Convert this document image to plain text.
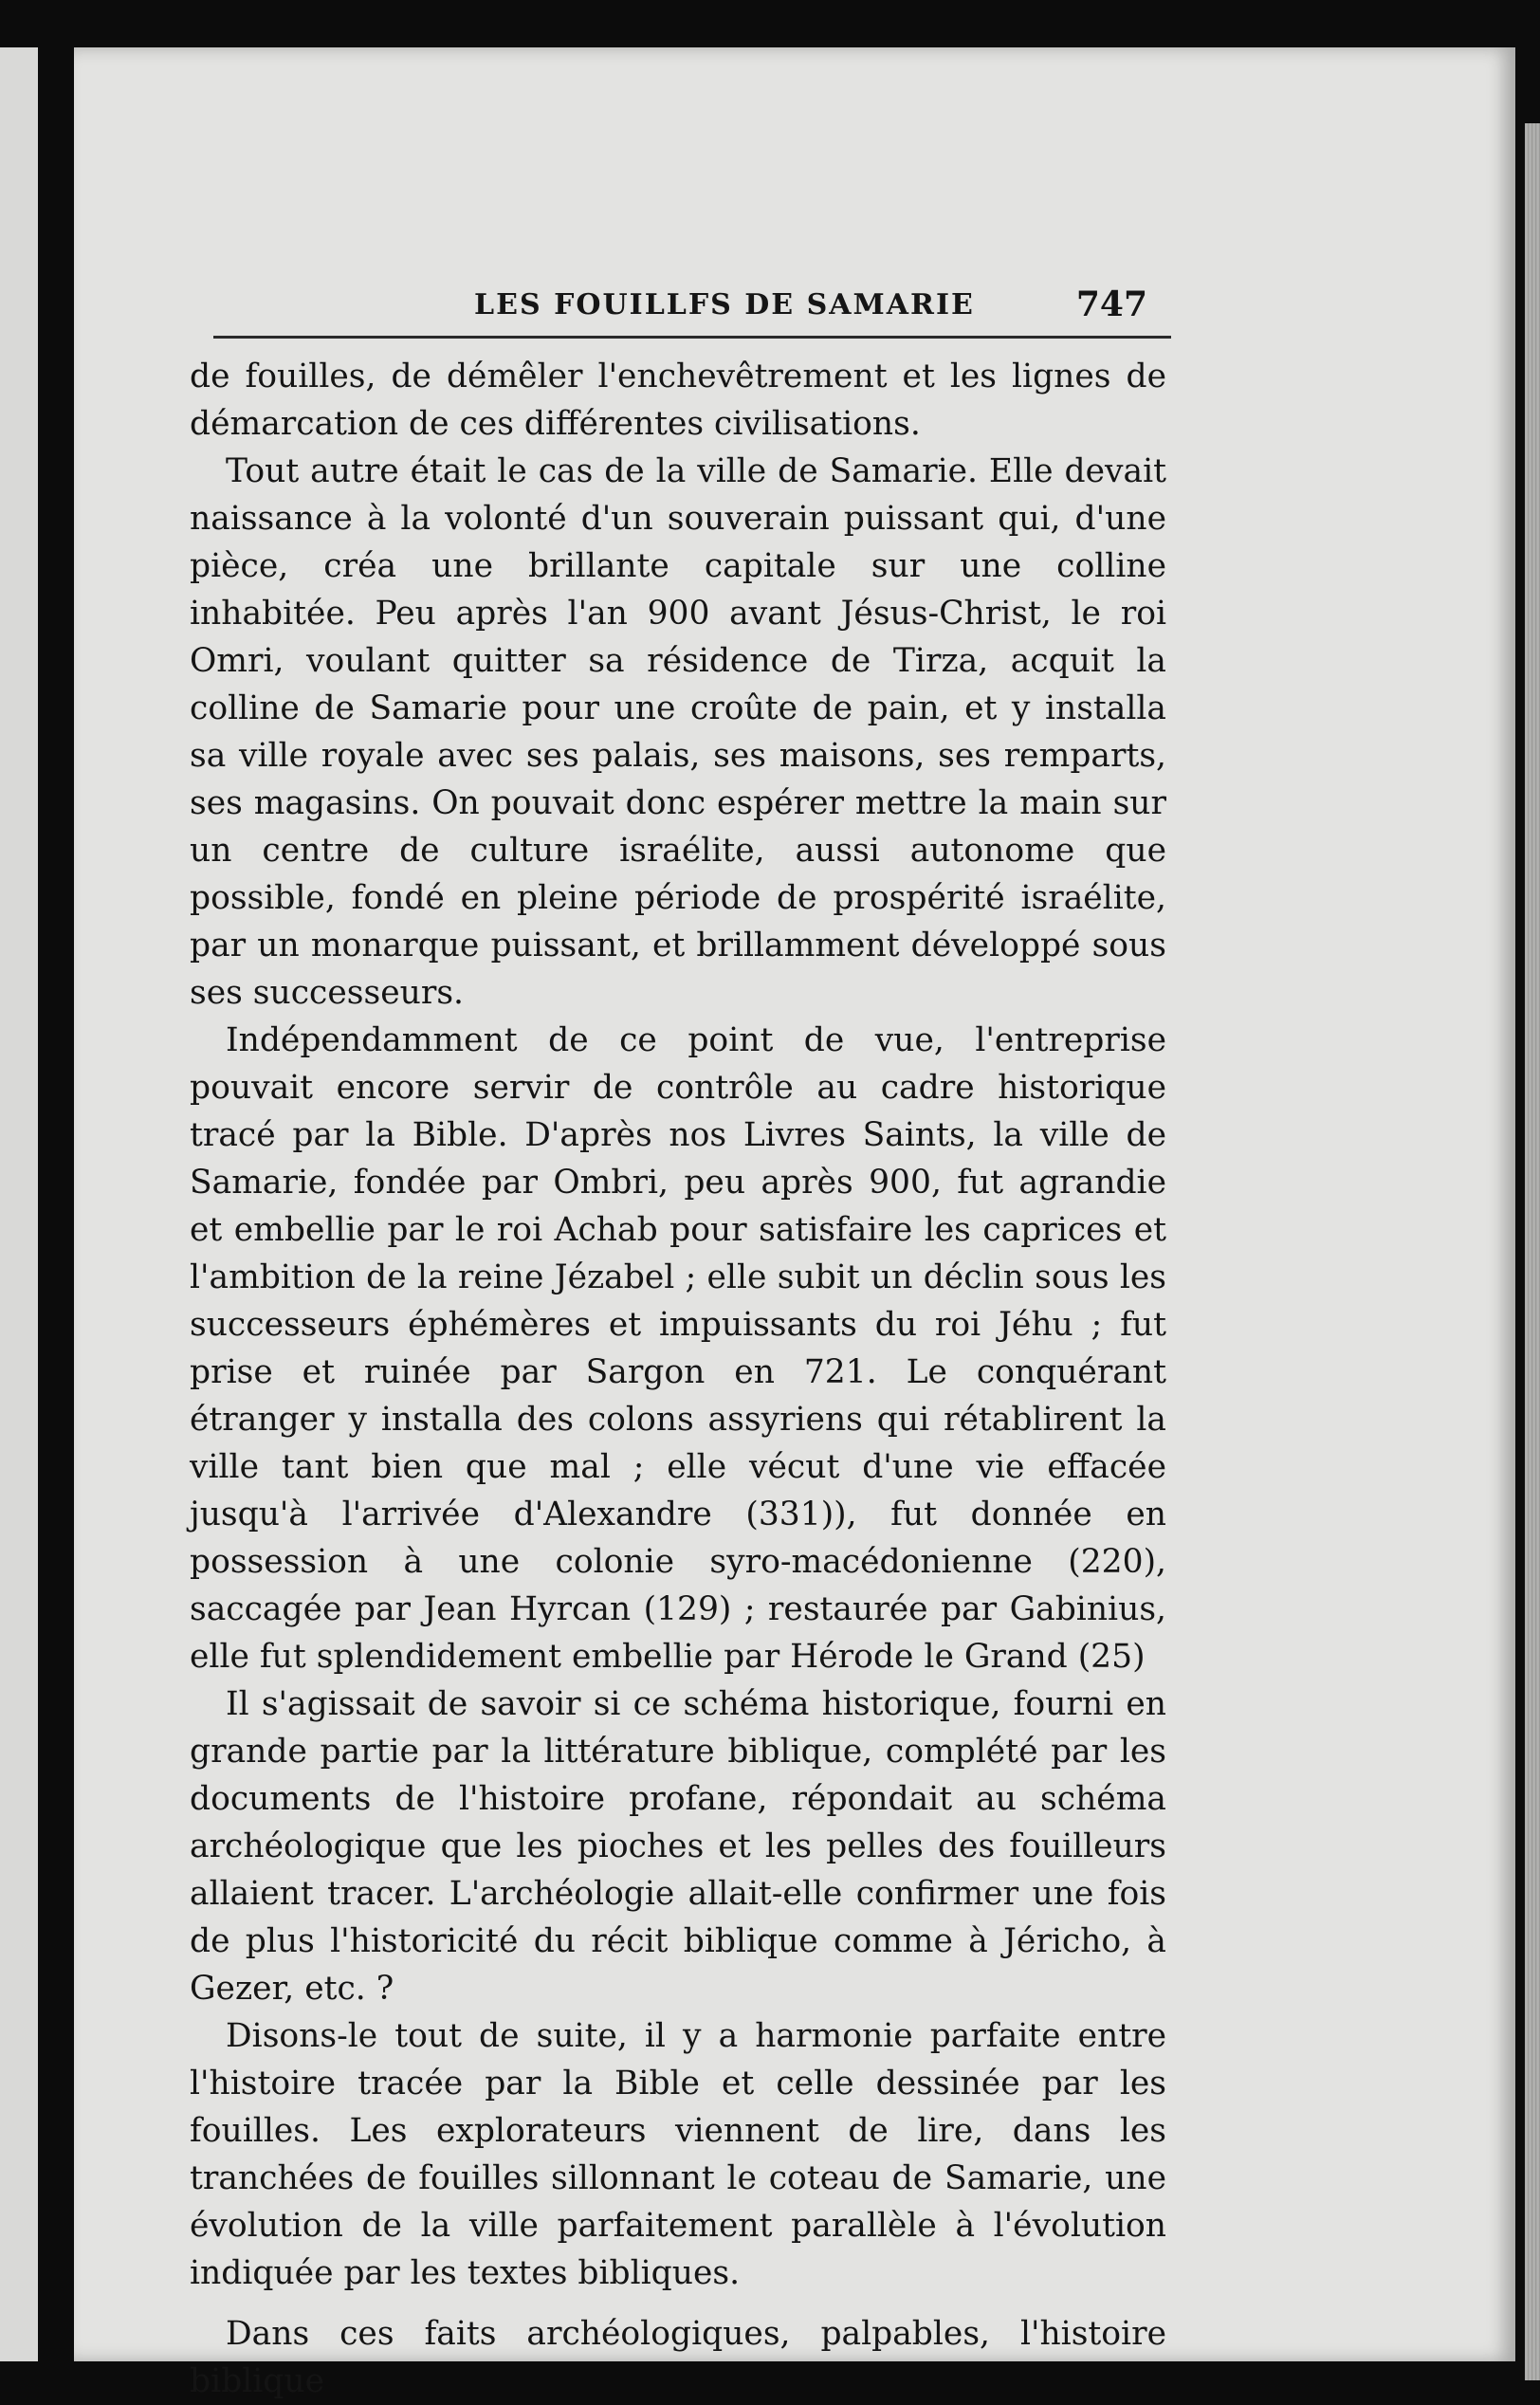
LES FOUILLFS DE SAMARIE	747

de fouilles, de démêler l'enchevêtrement et les lignes de démarcation de ces différentes civilisations.

Tout autre était le cas de la ville de Samarie. Elle devait naissance à la volonté d'un souverain puissant qui, d'une pièce, créa une brillante capitale sur une colline inhabitée. Peu après l'an 900 avant Jésus-Christ, le roi Omri, voulant quitter sa résidence de Tirza, acquit la colline de Samarie pour une croûte de pain, et y installa sa ville royale avec ses palais, ses maisons, ses remparts, ses magasins. On pouvait donc espérer mettre la main sur un centre de culture israélite, aussi autonome que possible, fondé en pleine période de prospérité israélite, par un monarque puissant, et brillamment développé sous ses successeurs.

Indépendamment de ce point de vue, l'entreprise pouvait encore servir de contrôle au cadre historique tracé par la Bible. D'après nos Livres Saints, la ville de Samarie, fondée par Ombri, peu après 900, fut agrandie et embellie par le roi Achab pour satisfaire les caprices et l'ambition de la reine Jézabel ; elle subit un déclin sous les successeurs éphémères et impuissants du roi Jéhu ; fut prise et ruinée par Sargon en 721. Le conquérant étranger y installa des colons assyriens qui rétablirent la ville tant bien que mal ; elle vécut d'une vie effacée jusqu'à l'arrivée d'Alexandre (331)), fut donnée en possession à une colonie syro-macédonienne (220), saccagée par Jean Hyrcan (129) ; restaurée par Gabinius, elle fut splendidement embellie par Hérode le Grand (25)

Il s'agissait de savoir si ce schéma historique, fourni en grande partie par la littérature biblique, complété par les documents de l'histoire profane, répondait au schéma archéologique que les pioches et les pelles des fouilleurs allaient tracer. L'archéologie allait-elle confirmer une fois de plus l'historicité du récit biblique comme à Jéricho, à Gezer, etc. ?

Disons-le tout de suite, il y a harmonie parfaite entre l'histoire tracée par la Bible et celle dessinée par les fouilles. Les explorateurs viennent de lire, dans les tranchées de fouilles sillonnant le coteau de Samarie, une évolution de la ville parfaitement parallèle à l'évolution indiquée par les textes bibliques.

Dans ces faits archéologiques, palpables, l'histoire biblique
